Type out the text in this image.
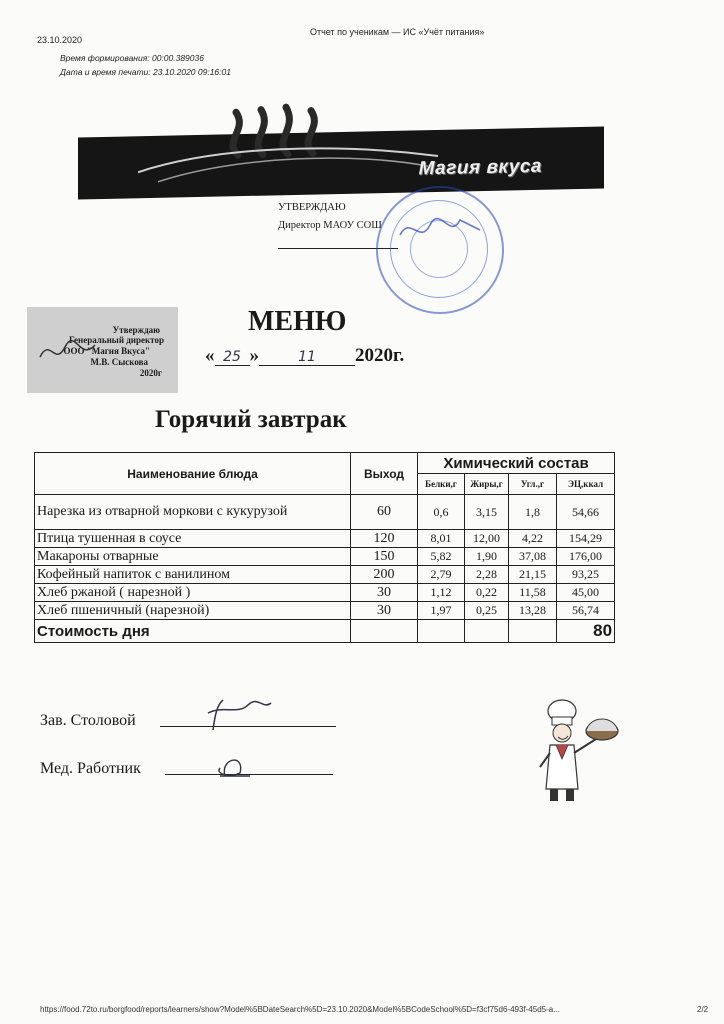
23.10.2020
Отчет по ученикам — ИС «Учёт питания»
Время формирования: 00:00.389036
Дата и время печати: 23.10.2020 09:16:01
Магия вкуса
УТВЕРЖДАЮ
Директор МАОУ СОШ
Утверждаю
Генеральный директор
ООО "Магия Вкуса"
М.В. Сыскова
2020г
МЕНЮ
« 25 »	11 2020г.
Горячий завтрак
Наименование блюда	Выход	Химический состав			
		Белки,г	Жиры,г	Угл.,г	ЭЦ,ккал
Нарезка из отварной моркови с кукурузой	60	0,6	3,15	1,8	54,66
Птица тушенная в соусе	120	8,01	12,00	4,22	154,29
Макароны отварные	150	5,82	1,90	37,08	176,00
Кофейный напиток с ванилином	200	2,79	2,28	21,15	93,25
Хлеб ржаной ( нарезной )	30	1,12	0,22	11,58	45,00
Хлеб пшеничный (нарезной)	30	1,97	0,25	13,28	56,74
Стоимость дня					80
Зав. Столовой
Мед. Работник
https://food.72to.ru/borgfood/reports/learners/show?Model%5BDateSearch%5D=23.10.2020&Model%5BCodeSchool%5D=f3cf75d6-493f-45d5-a...	2/2
